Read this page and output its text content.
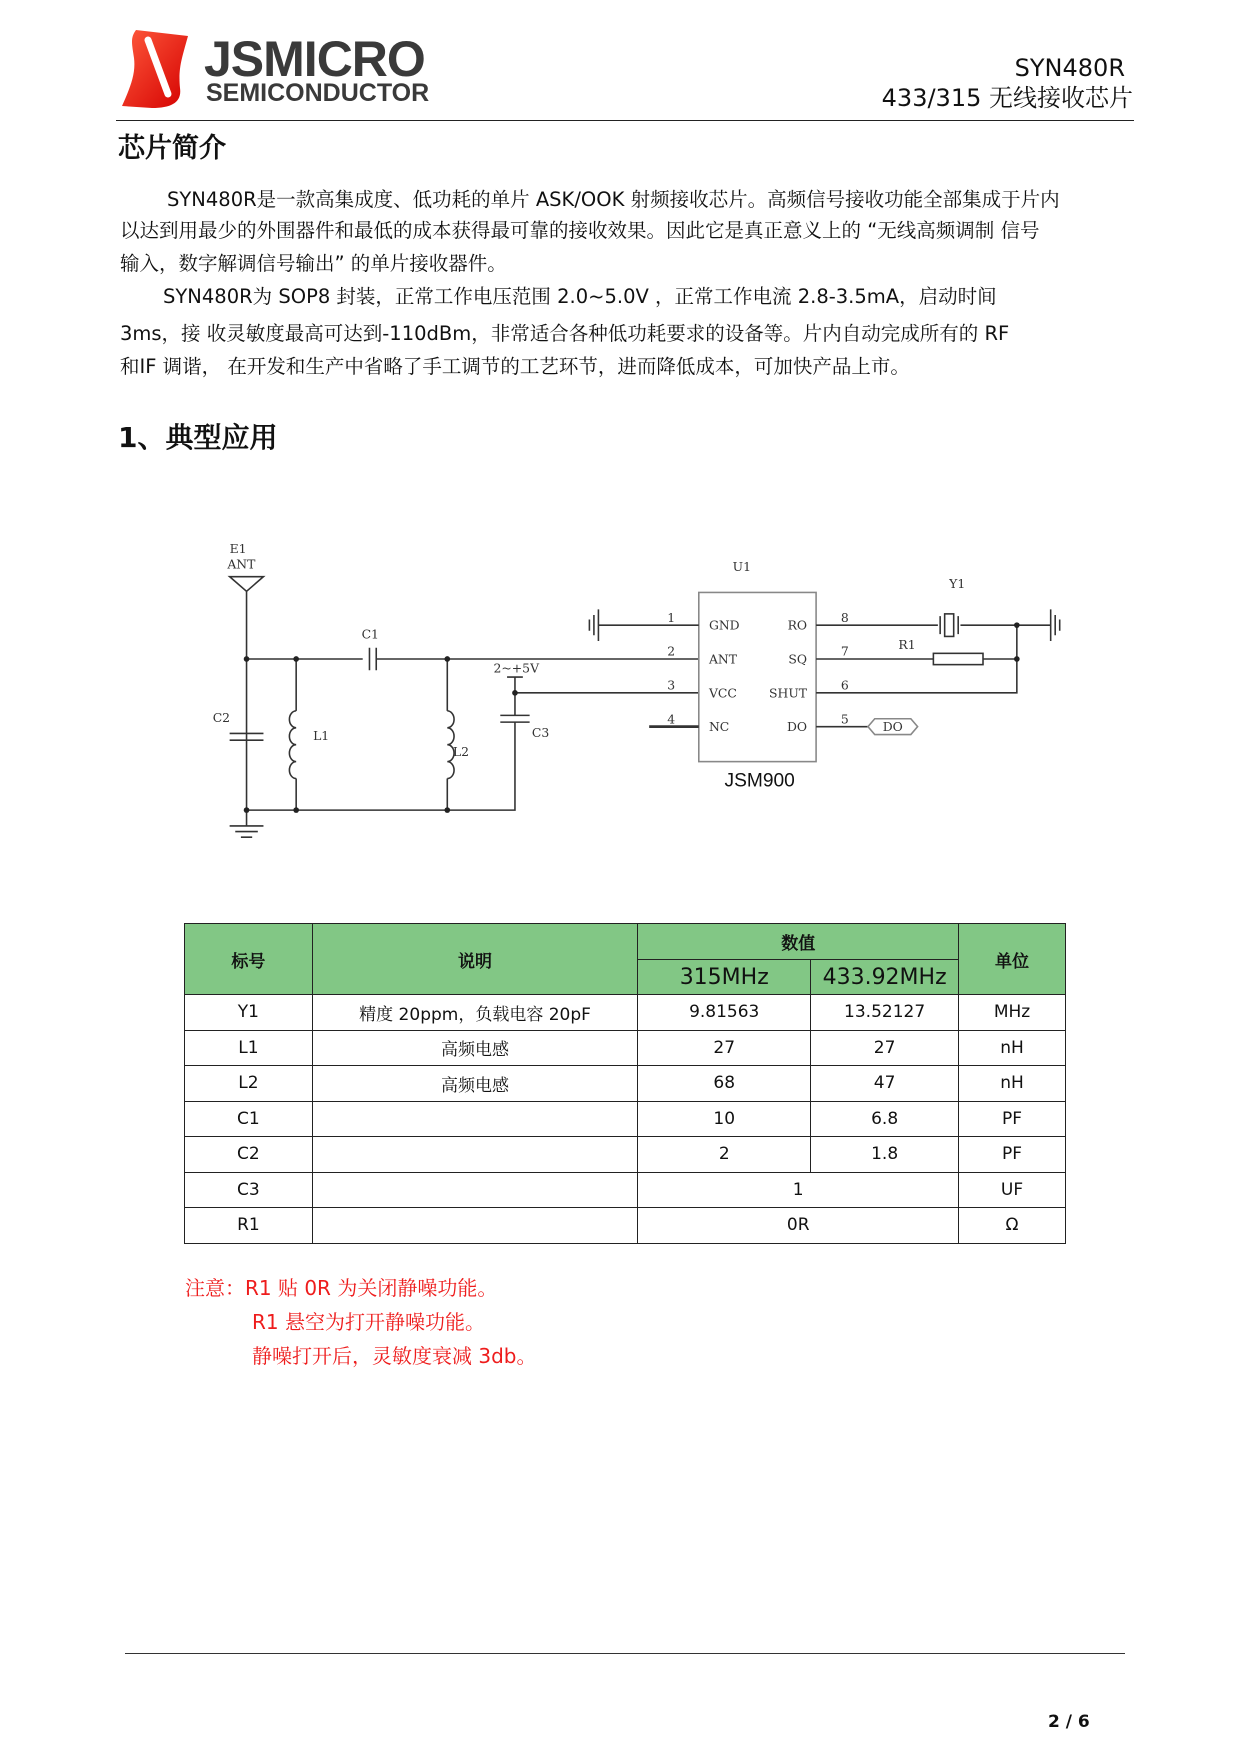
JSMICRO
SEMICONDUCTOR
SYN480R
433/315 无线接收芯片
芯片简介
SYN480R是一款高集成度、低功耗的单片 ASK/OOK 射频接收芯片。高频信号接收功能全部集成于片内
以达到用最少的外围器件和最低的成本获得最可靠的接收效果。因此它是真正意义上的 “无线高频调制 信号
输入，数字解调信号输出” 的单片接收器件。
SYN480R为 SOP8 封装，正常工作电压范围 2.0~5.0V ，正常工作电流 2.8-3.5mA，启动时间
3ms，接 收灵敏度最高可达到-110dBm，非常适合各种低功耗要求的设备等。片内自动完成所有的 RF
和IF 调谐， 在开发和生产中省略了手工调节的工艺环节，进而降低成本，可加快产品上市。
1、典型应用
E1
ANT
C1
C2
C3
L1
L2
2~+5V
U1
Y1
R1
1
2
3
4
GND
ANT
VCC
NC
8
7
6
5
RO
SQ
SHUT
DO	DO
JSM900
标号	说明	数值		单位
		315MHz	433.92MHz	
Y1	精度 20ppm，负载电容 20pF	9.81563	13.52127	MHz
L1	高频电感	27	27	nH
L2	高频电感	68	47	nH
C1		10	6.8	PF
C2		2	1.8	PF
C3		1		UF
R1		0R		Ω
注意：R1 贴 0R 为关闭静噪功能。
R1 悬空为打开静噪功能。
静噪打开后，灵敏度衰减 3db。
2 / 6
